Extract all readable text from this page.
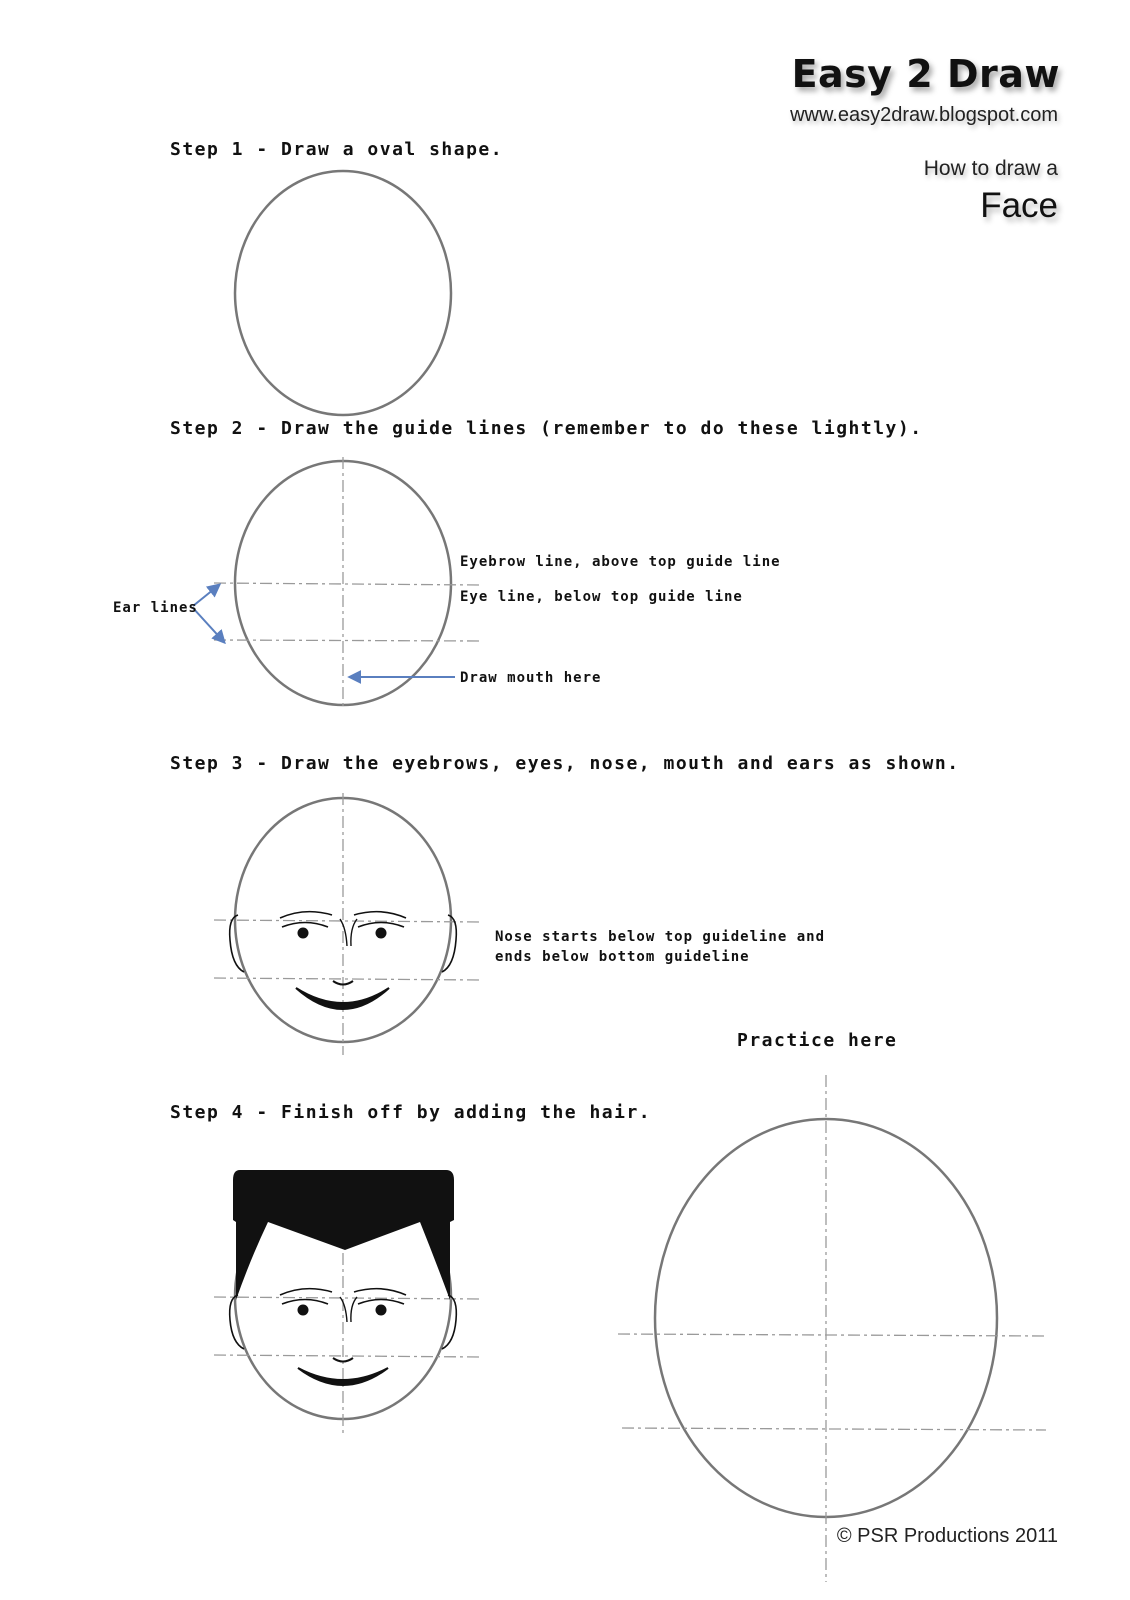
Easy 2 Draw
www.easy2draw.blogspot.com
How to draw a
Face
Step 1 - Draw a oval shape.
Step 2 - Draw the guide lines (remember to do these lightly).
Step 3 - Draw the eyebrows, eyes, nose, mouth and ears as shown.
Step 4 - Finish off by adding the hair.
Eyebrow line, above top guide line
Eye line, below top guide line
Ear lines
Draw mouth here
Nose starts below top guideline and
ends below bottom guideline
Practice here
© PSR Productions 2011
